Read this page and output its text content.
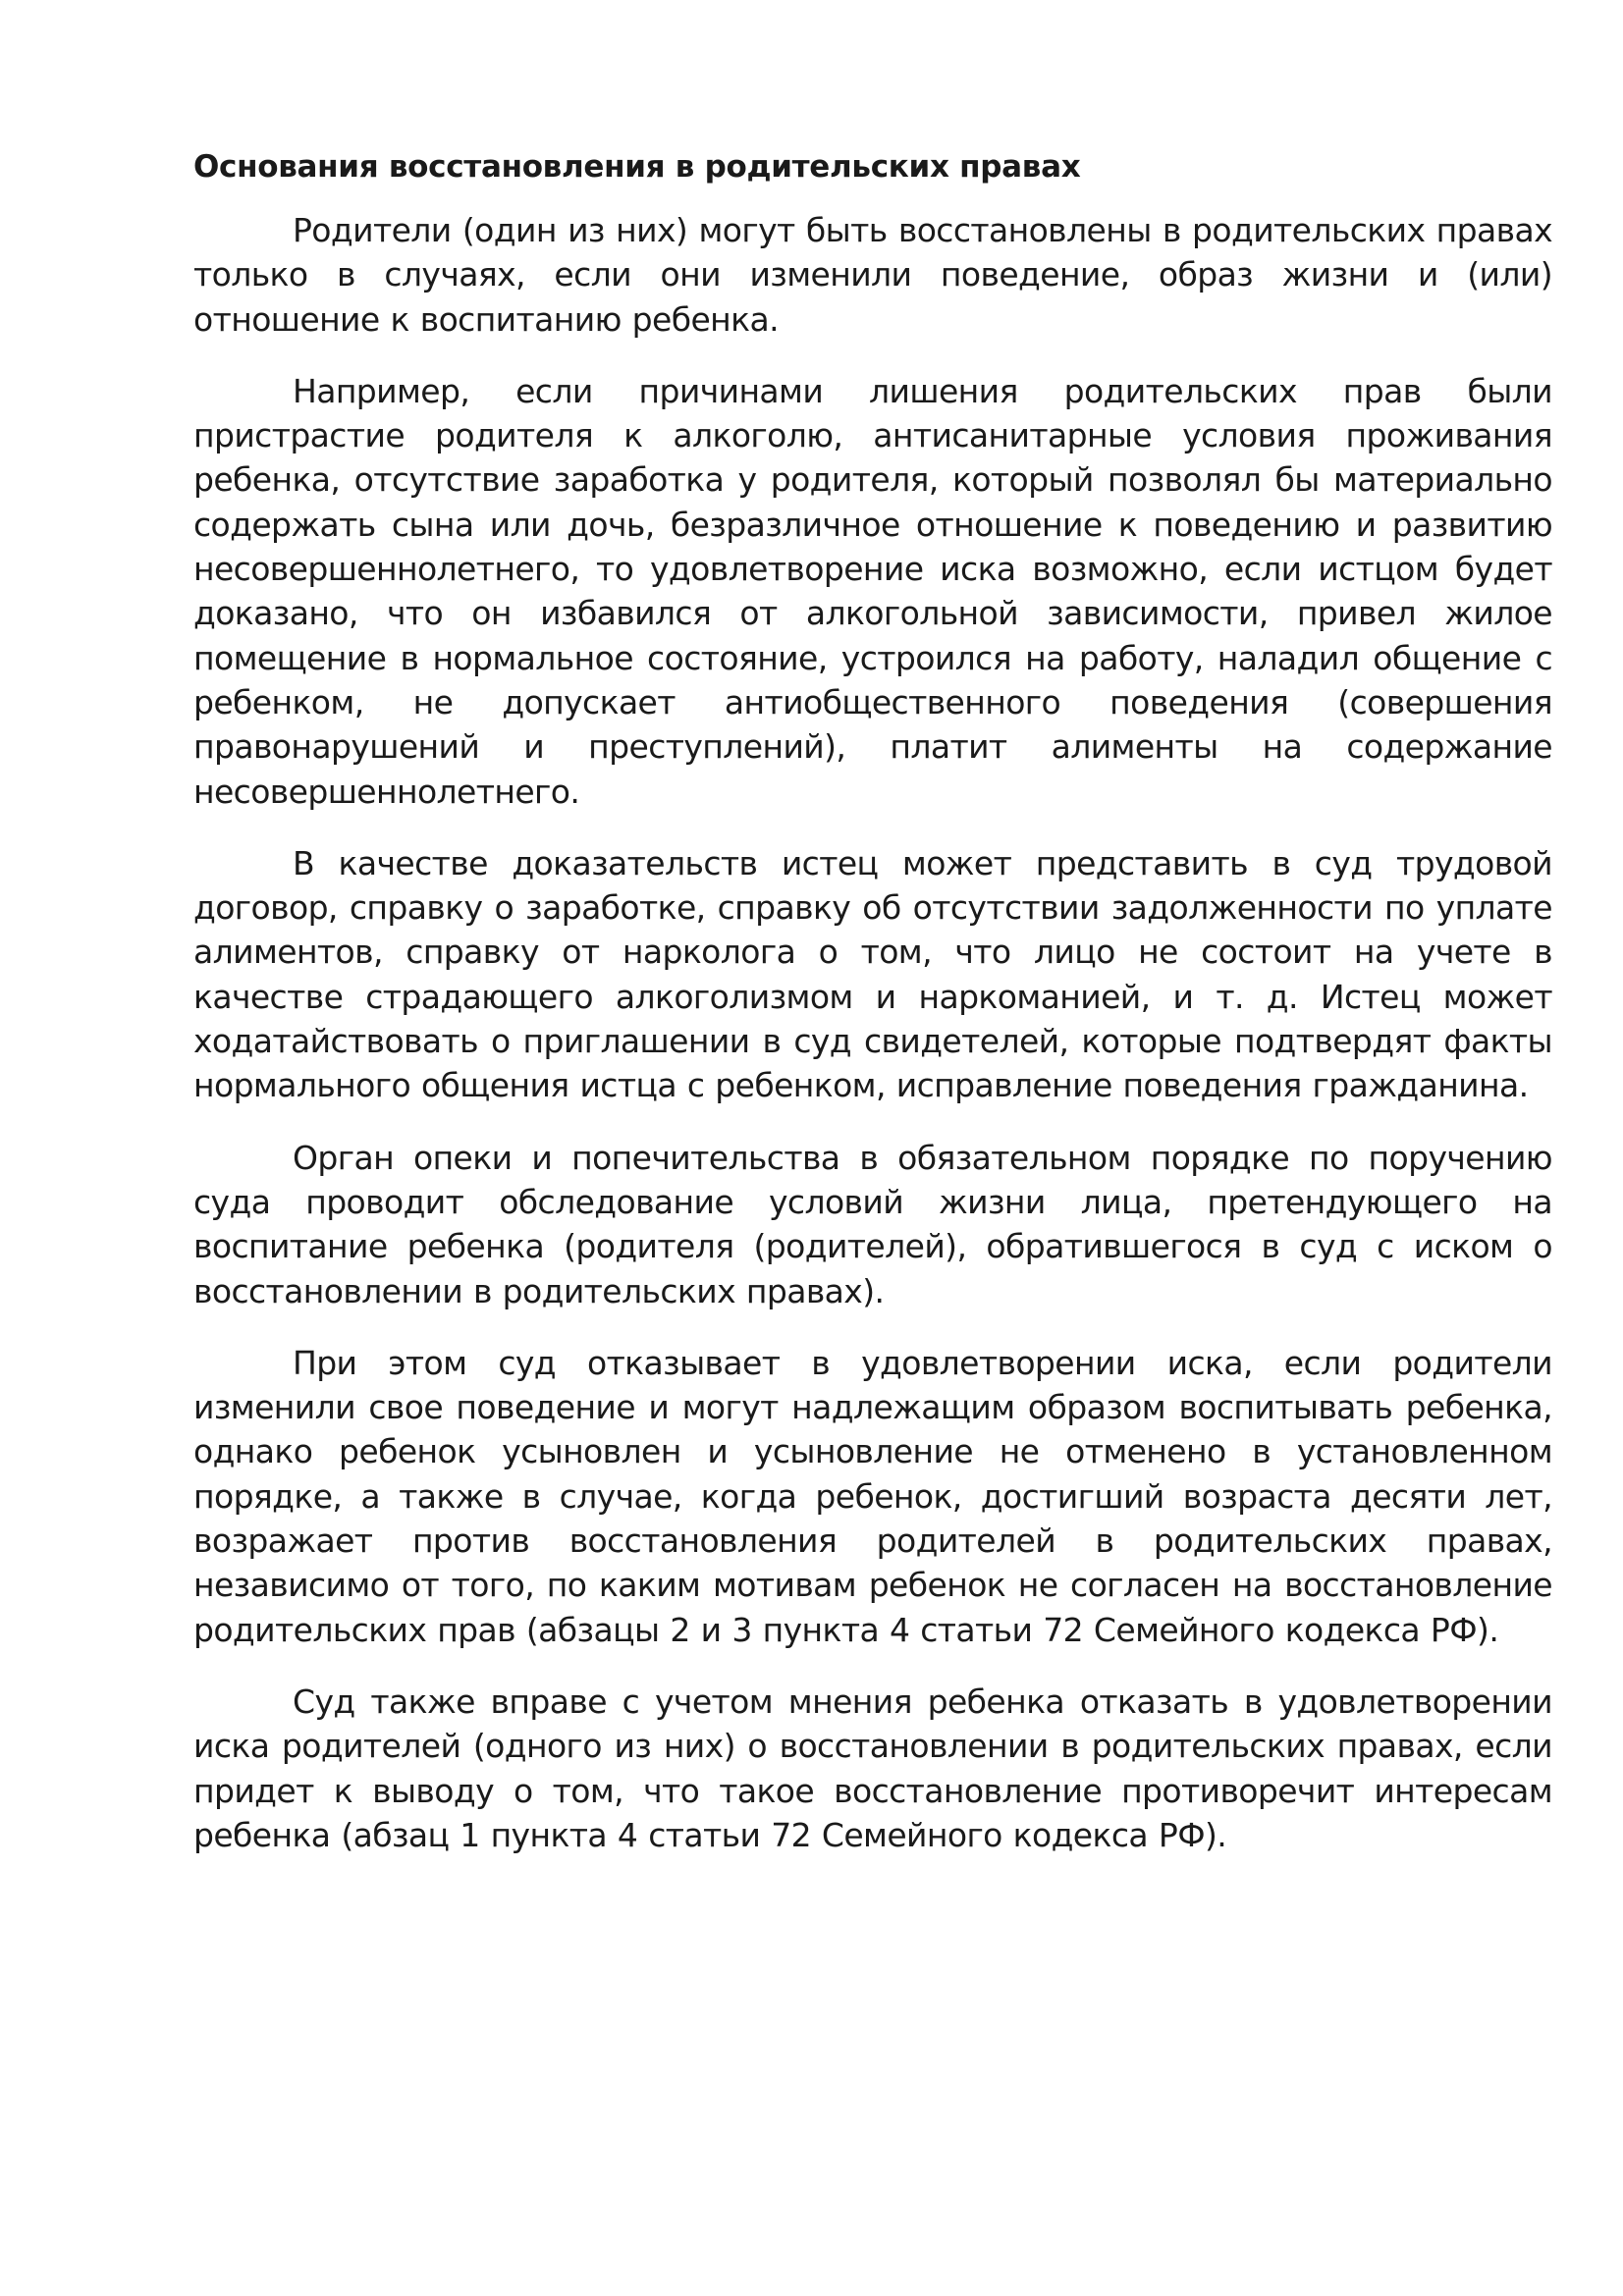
Основания восстановления в родительских правах

Родители (один из них) могут быть восстановлены в родительских правах только в случаях, если они изменили поведение, образ жизни и (или) отношение к воспитанию ребенка.

Например, если причинами лишения родительских прав были пристрастие родителя к алкоголю, антисанитарные условия проживания ребенка, отсутствие заработка у родителя, который позволял бы материально содержать сына или дочь, безразличное отношение к поведению и развитию несовершеннолетнего, то удовлетворение иска возможно, если истцом будет доказано, что он избавился от алкогольной зависимости, привел жилое помещение в нормальное состояние, устроился на работу, наладил общение с ребенком, не допускает антиобщественного поведения (совершения правонарушений и преступлений), платит алименты на содержание несовершеннолетнего.

В качестве доказательств истец может представить в суд трудовой договор, справку о заработке, справку об отсутствии задолженности по уплате алиментов, справку от нарколога о том, что лицо не состоит на учете в качестве страдающего алкоголизмом и наркоманией, и т. д. Истец может ходатайствовать о приглашении в суд свидетелей, которые подтвердят факты нормального общения истца с ребенком, исправление поведения гражданина.

Орган опеки и попечительства в обязательном порядке по поручению суда проводит обследование условий жизни лица, претендующего на воспитание ребенка (родителя (родителей), обратившегося в суд с иском о восстановлении в родительских правах).

При этом суд отказывает в удовлетворении иска, если родители изменили свое поведение и могут надлежащим образом воспитывать ребенка, однако ребенок усыновлен и усыновление не отменено в установленном порядке, а также в случае, когда ребенок, достигший возраста десяти лет, возражает против восстановления родителей в родительских правах, независимо от того, по каким мотивам ребенок не согласен на восстановление родительских прав (абзацы 2 и 3 пункта 4 статьи 72 Семейного кодекса РФ).

Суд также вправе с учетом мнения ребенка отказать в удовлетворении иска родителей (одного из них) о восстановлении в родительских правах, если придет к выводу о том, что такое восстановление противоречит интересам ребенка (абзац 1 пункта 4 статьи 72 Семейного кодекса РФ).
